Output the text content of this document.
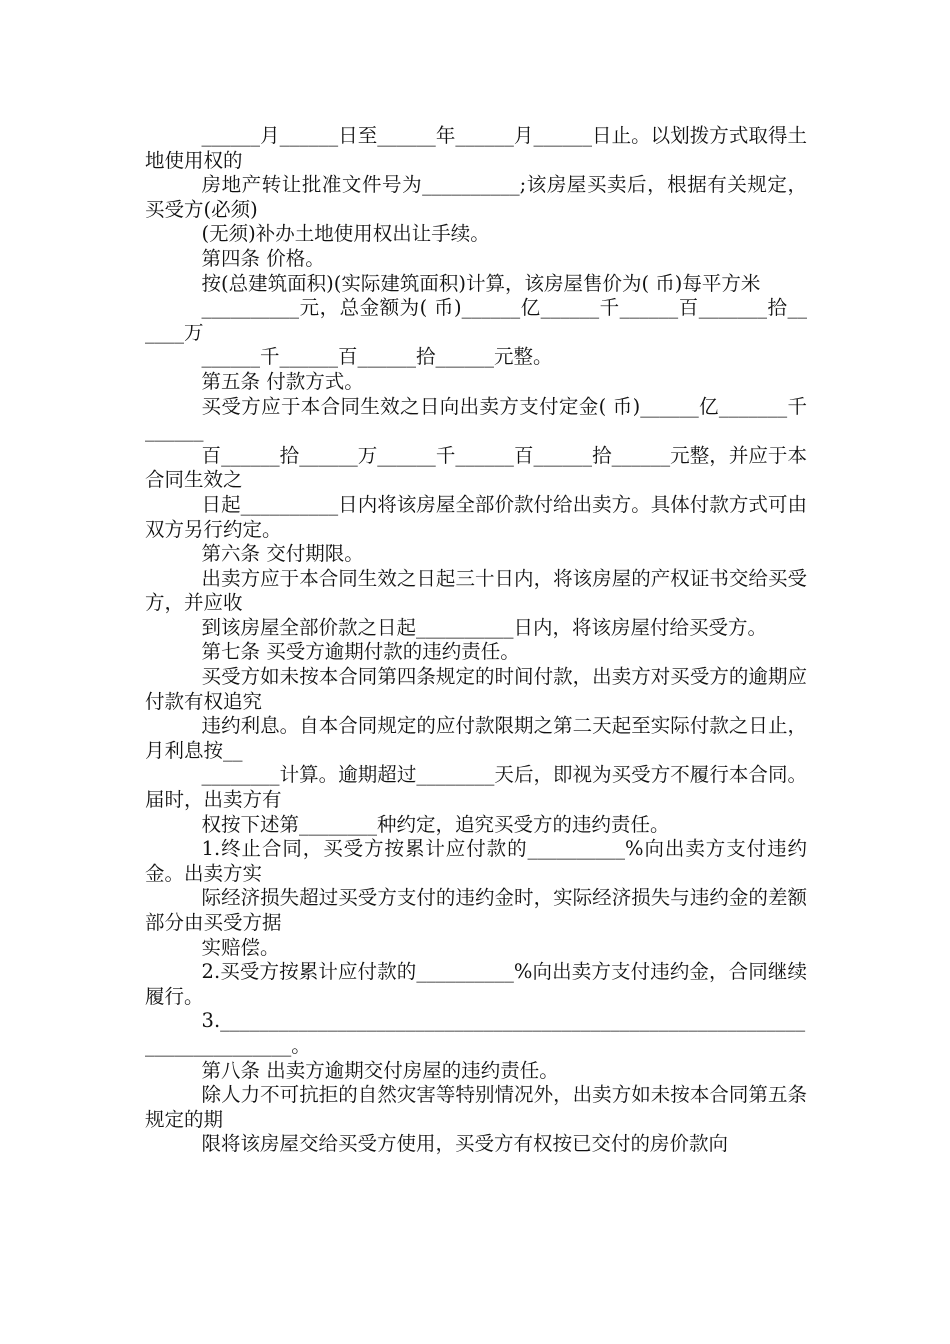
______月______日至______年______月______日止。以划拨方式取得土地使用权的

房地产转让批准文件号为__________;该房屋买卖后，根据有关规定，买受方(必须)

(无须)补办土地使用权出让手续。

第四条 价格。

按(总建筑面积)(实际建筑面积)计算，该房屋售价为( 币)每平方米

__________元，总金额为( 币)______亿______千______百_______拾______万

______千______百______拾______元整。

第五条 付款方式。

买受方应于本合同生效之日向出卖方支付定金( 币)______亿_______千______

百______拾______万______千______百______拾______元整，并应于本合同生效之

日起__________日内将该房屋全部价款付给出卖方。具体付款方式可由双方另行约定。

第六条 交付期限。

出卖方应于本合同生效之日起三十日内，将该房屋的产权证书交给买受方，并应收

到该房屋全部价款之日起__________日内，将该房屋付给买受方。

第七条 买受方逾期付款的违约责任。

买受方如未按本合同第四条规定的时间付款，出卖方对买受方的逾期应付款有权追究

违约利息。自本合同规定的应付款限期之第二天起至实际付款之日止，月利息按__

________计算。逾期超过________天后，即视为买受方不履行本合同。届时，出卖方有

权按下述第________种约定，追究买受方的违约责任。

1.终止合同，买受方按累计应付款的__________%向出卖方支付违约金。出卖方实

际经济损失超过买受方支付的违约金时，实际经济损失与违约金的差额部分由买受方据

实赔偿。

2.买受方按累计应付款的__________%向出卖方支付违约金，合同继续履行。

3.___________________________________________________________________________。

第八条 出卖方逾期交付房屋的违约责任。

除人力不可抗拒的自然灾害等特别情况外，出卖方如未按本合同第五条规定的期

限将该房屋交给买受方使用，买受方有权按已交付的房价款向
